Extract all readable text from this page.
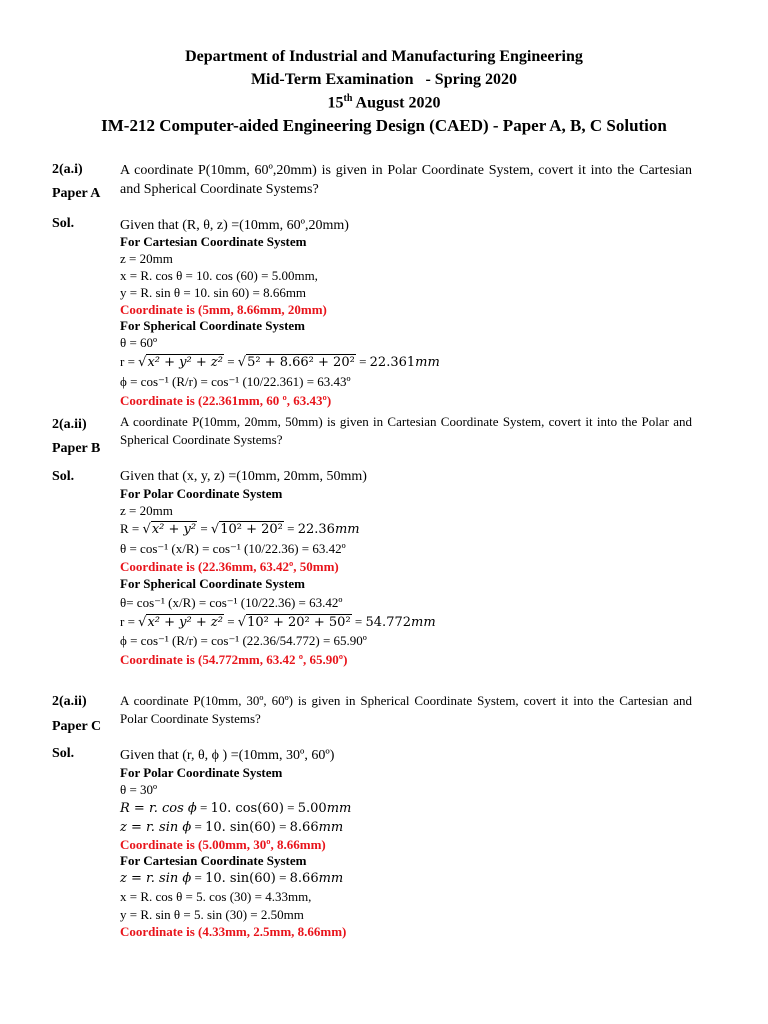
Department of Industrial and Manufacturing Engineering
Mid-Term Examination   - Spring 2020
15th August 2020
IM-212 Computer-aided Engineering Design (CAED) - Paper A, B, C Solution
2(a.i)
Paper A
Sol.
A coordinate P(10mm, 60º,20mm) is given in Polar Coordinate System, covert it into the Cartesian and Spherical Coordinate Systems?
Given that (R, θ, z) =(10mm, 60º,20mm)
For Cartesian Coordinate System
z = 20mm
x = R. cos θ = 10. cos (60) = 5.00mm,
y = R. sin θ = 10. sin 60) = 8.66mm
Coordinate is (5mm, 8.66mm, 20mm)
For Spherical Coordinate System
θ = 60º
r = √x² + y² + z² = √5² + 8.66² + 20² = 22.361mm
ϕ = cos⁻¹ (R/r) = cos⁻¹ (10/22.361) = 63.43º
Coordinate is (22.361mm, 60 º, 63.43º)
2(a.ii)
Paper B
Sol.
A coordinate P(10mm, 20mm, 50mm) is given in Cartesian Coordinate System, covert it into the Polar and Spherical Coordinate Systems?
Given that (x, y, z) =(10mm, 20mm, 50mm)
For Polar Coordinate System
z = 20mm
R = √x² + y² = √10² + 20² = 22.36mm
θ = cos⁻¹ (x/R) = cos⁻¹ (10/22.36) = 63.42º
Coordinate is (22.36mm, 63.42º, 50mm)
For Spherical Coordinate System
θ= cos⁻¹ (x/R) = cos⁻¹ (10/22.36) = 63.42º
r = √x² + y² + z² = √10² + 20² + 50² = 54.772mm
ϕ = cos⁻¹ (R/r) = cos⁻¹ (22.36/54.772) = 65.90º
Coordinate is (54.772mm, 63.42 º, 65.90º)
2(a.ii)
Paper C
Sol.
A coordinate P(10mm, 30º, 60º) is given in Spherical Coordinate System, covert it into the Cartesian and Polar Coordinate Systems?
Given that (r, θ, ϕ ) =(10mm, 30º, 60º)
For Polar Coordinate System
θ = 30º
R = r. cos ϕ = 10. cos(60) = 5.00mm
z = r. sin ϕ = 10. sin(60) = 8.66mm
Coordinate is (5.00mm, 30º, 8.66mm)
For Cartesian Coordinate System
z = r. sin ϕ = 10. sin(60) = 8.66mm
x = R. cos θ = 5. cos (30) = 4.33mm,
y = R. sin θ = 5. sin (30) = 2.50mm
Coordinate is (4.33mm, 2.5mm, 8.66mm)
